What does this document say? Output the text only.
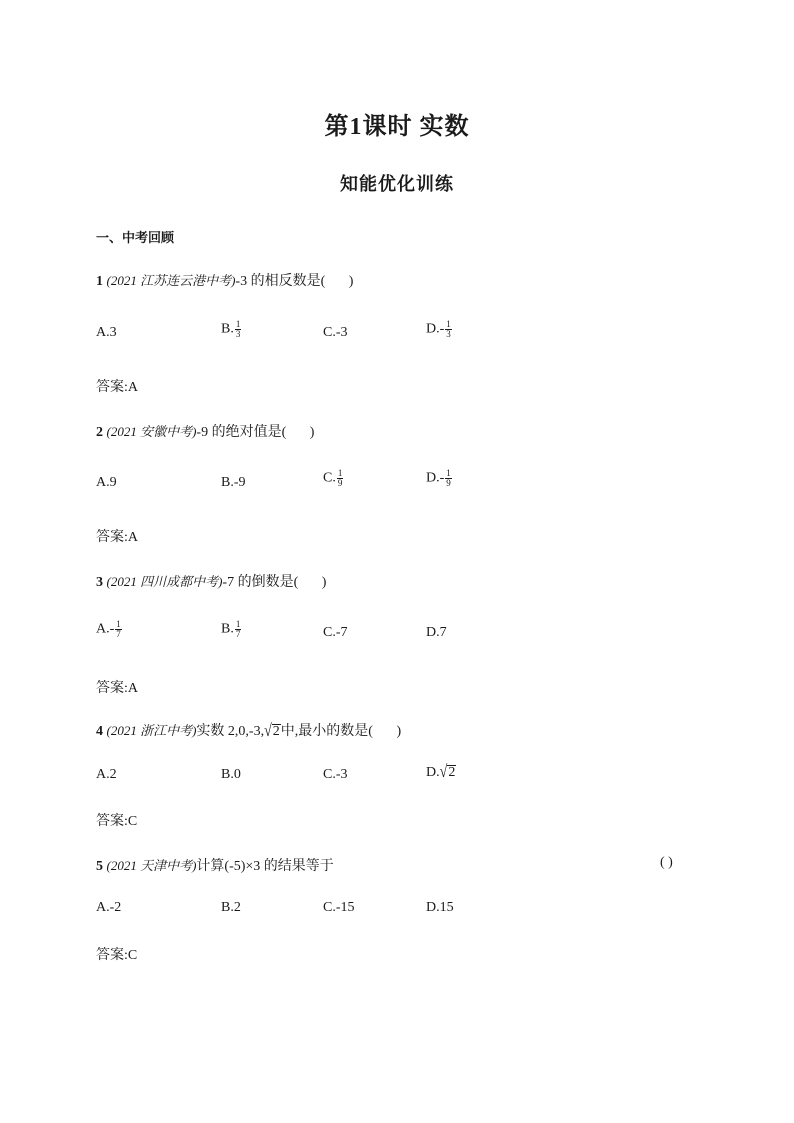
第1课时 实数
知能优化训练
一、中考回顾
1 (2021 江苏连云港中考)-3 的相反数是( )
A.3	B. $\frac{1}{3}$	C.-3	$D.- \frac{1}{3}$
答案:A
2 (2021 安徽中考)-9 的绝对值是( )
A.9	B.-9	C. $\frac{1}{9}$	$D.- \frac{1}{9}$
答案:A
3 (2021 四川成都中考)-7 的倒数是( )
$A.- \frac{1}{7}$	B. $\frac{1}{7}$	C.-7	D.7
答案:A
4 (2021 浙江中考)实数 2,0,-3,√2中,最小的数是( )
A.2	B.0	C.-3	D.√2
答案:C
5 (2021 天津中考)计算(-5)×3 的结果等于	( )
A.-2	B.2	C.-15	D.15
答案:C
